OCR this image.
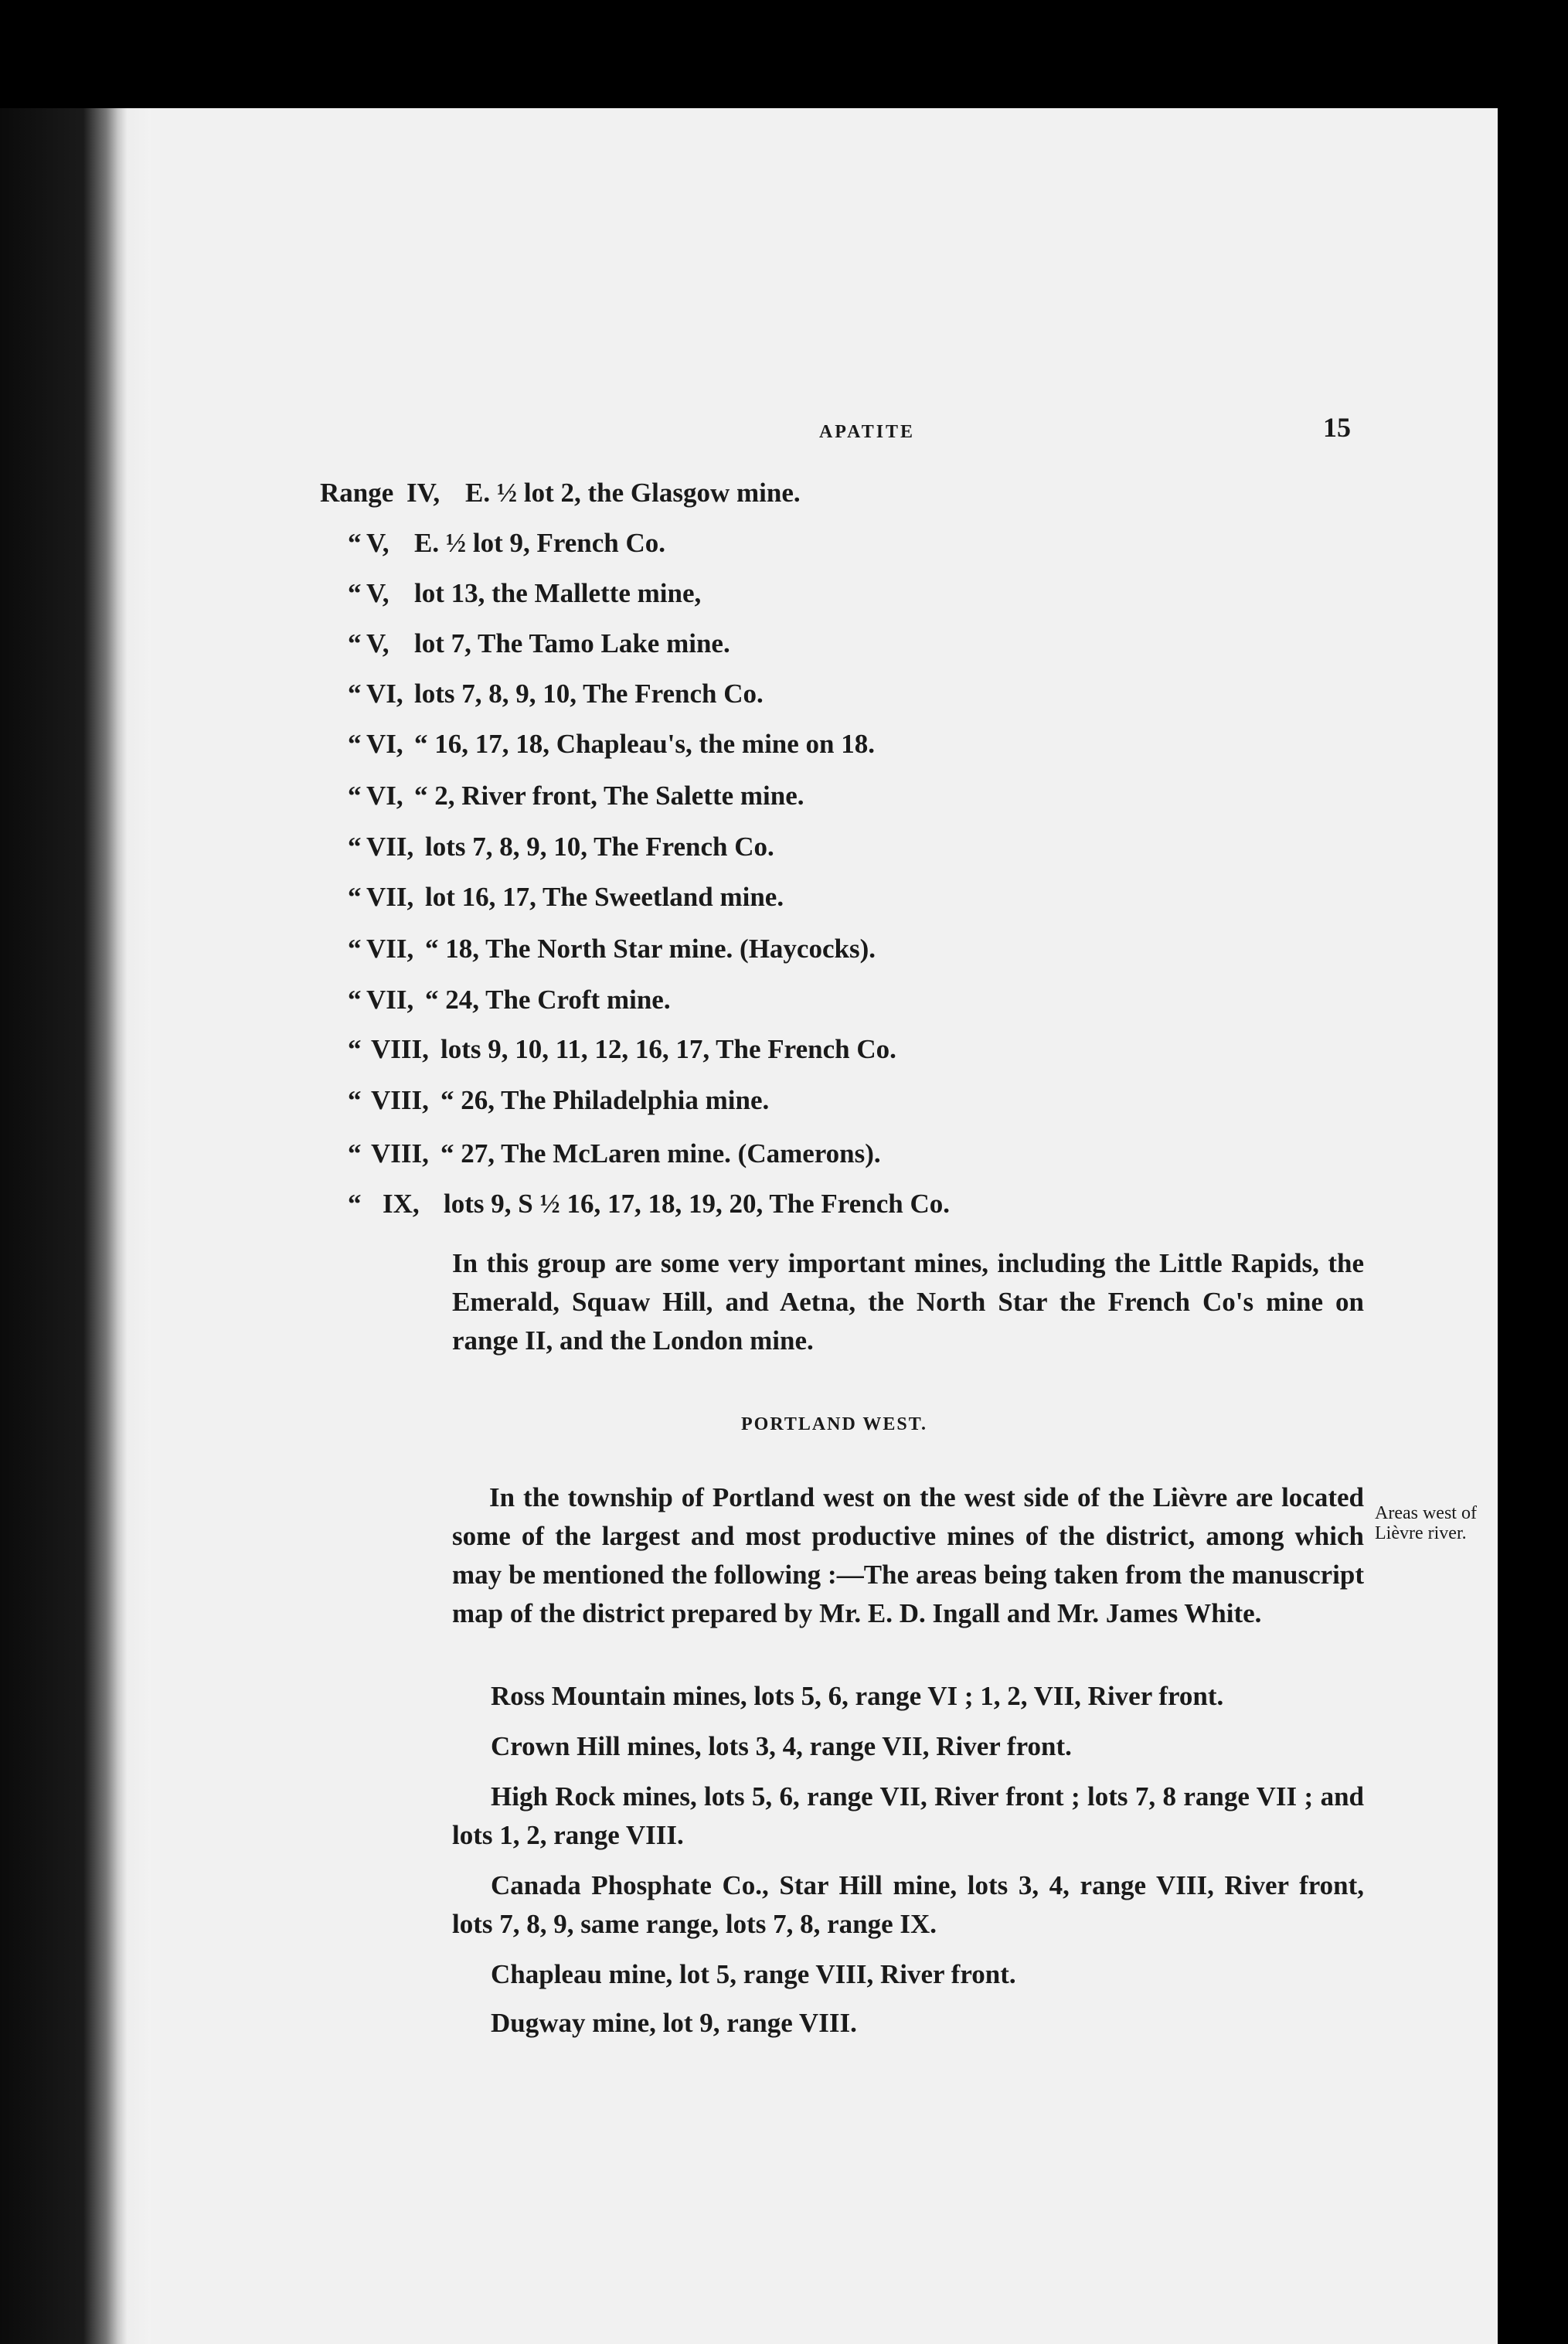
APATITE	15
Range IV, E. ½ lot 2, the Glasgow mine.
“ V, E. ½ lot 9, French Co.
“ V, lot 13, the Mallette mine,
“ V, lot 7, The Tamo Lake mine.
“ VI, lots 7, 8, 9, 10, The French Co.
“ VI, “ 16, 17, 18, Chapleau's, the mine on 18.
“ VI, “ 2, River front, The Salette mine.
“ VII, lots 7, 8, 9, 10, The French Co.
“ VII, lot 16, 17, The Sweetland mine.
“ VII, “ 18, The North Star mine. (Haycocks).
“ VII, “ 24, The Croft mine.
“ VIII, lots 9, 10, 11, 12, 16, 17, The French Co.
“ VIII, “ 26, The Philadelphia mine.
“ VIII, “ 27, The McLaren mine. (Camerons).
“ IX, lots 9, S ½ 16, 17, 18, 19, 20, The French Co.

In this group are some very important mines, including the Little Rapids, the Emerald, Squaw Hill, and Aetna, the North Star the French Co's mine on range II, and the London mine.

PORTLAND WEST.
Areas west of Lièvre river.

In the township of Portland west on the west side of the Lièvre are located some of the largest and most productive mines of the district, among which may be mentioned the following :—The areas being taken from the manuscript map of the district prepared by Mr. E. D. Ingall and Mr. James White.

Ross Mountain mines, lots 5, 6, range VI ; 1, 2, VII, River front.

Crown Hill mines, lots 3, 4, range VII, River front.

High Rock mines, lots 5, 6, range VII, River front ; lots 7, 8 range VII ; and lots 1, 2, range VIII.

Canada Phosphate Co., Star Hill mine, lots 3, 4, range VIII, River front, lots 7, 8, 9, same range, lots 7, 8, range IX.

Chapleau mine, lot 5, range VIII, River front.

Dugway mine, lot 9, range VIII.
